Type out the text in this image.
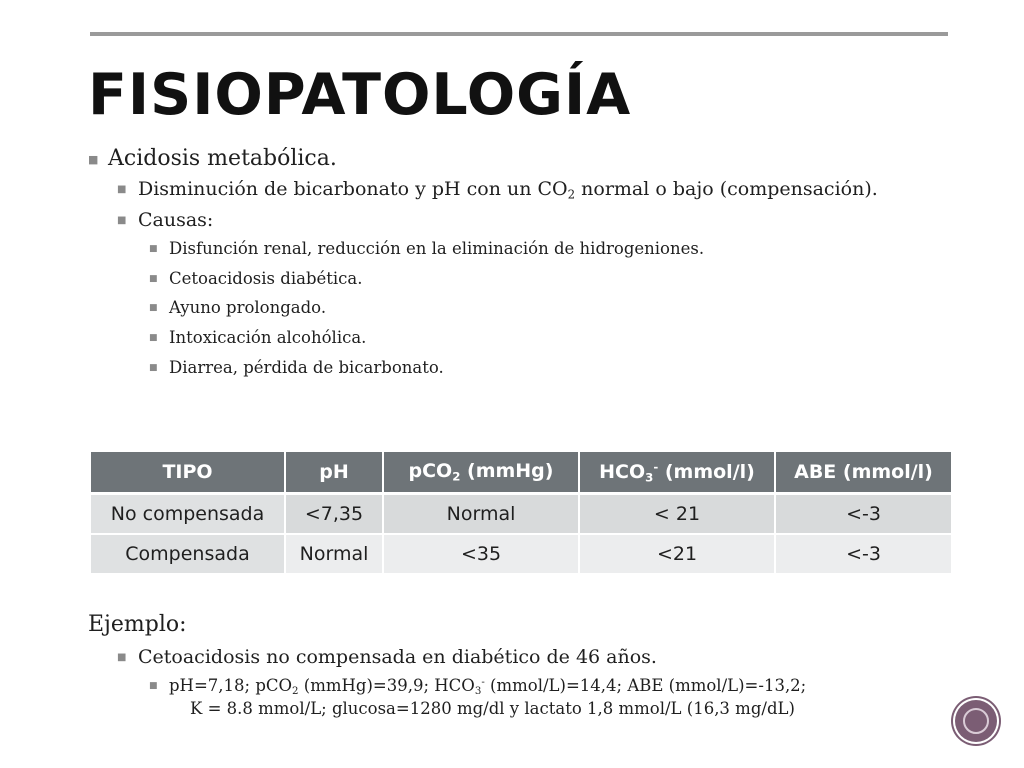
FISIOPATOLOGÍA
■ Acidosis metabólica.
■ Disminución de bicarbonato y pH con un $CO_2$ normal o bajo (compensación).
■ Causas:
■ Disfunción renal, reducción en la eliminación de hidrogeniones.
■ Cetoacidosis diabética.
■ Ayuno prolongado.
■ Intoxicación alcohólica.
■ Diarrea, pérdida de bicarbonato.
TIPO	pH	pCO$_2$ (mmHg)	$HCO_3^-$ (mmol/l)	ABE (mmol/l)
No compensada	<7,35	Normal	< 21	<-3
Compensada	Normal	<35	<21	<-3
Ejemplo:
■ Cetoacidosis no compensada en diabético de 46 años.
■ pH=7,18; pCO$_2$ (mmHg)=39,9; $HCO_3^-$ (mmol/L)=14,4; ABE (mmol/L)=-13,2;
K = 8.8 mmol/L; glucosa=1280 mg/dl y lactato 1,8 mmol/L (16,3 mg/dL)
